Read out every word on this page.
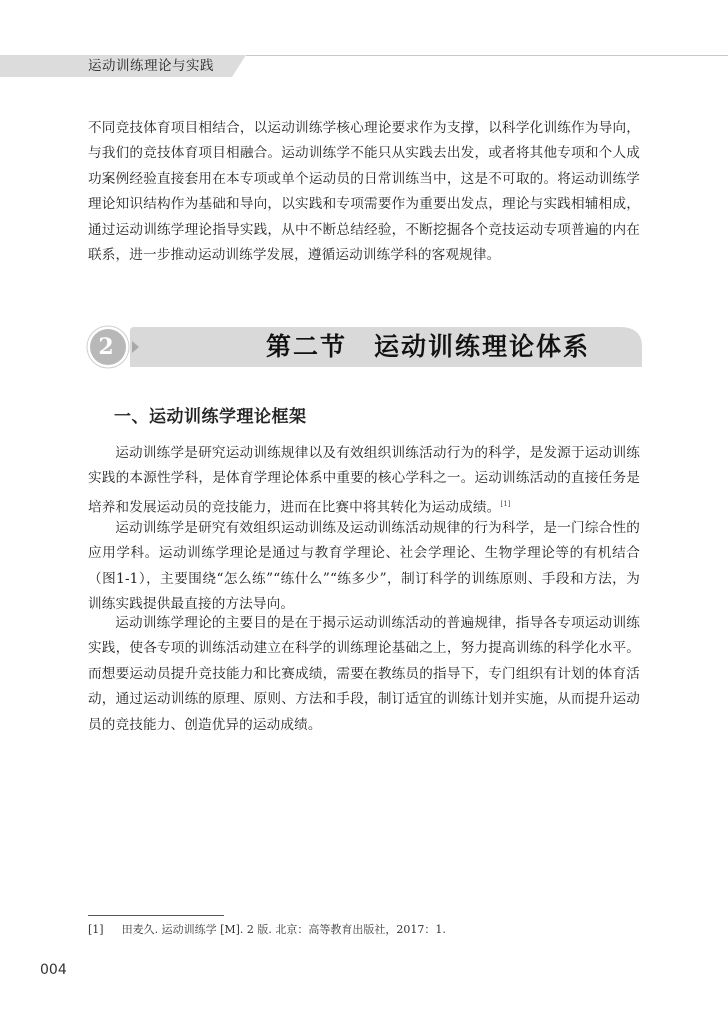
运动训练理论与实践
不同竞技体育项目相结合，以运动训练学核心理论要求作为支撑，以科学化训练作为导向，与我们的竞技体育项目相融合。运动训练学不能只从实践去出发，或者将其他专项和个人成功案例经验直接套用在本专项或单个运动员的日常训练当中，这是不可取的。将运动训练学理论知识结构作为基础和导向，以实践和专项需要作为重要出发点，理论与实践相辅相成，通过运动训练学理论指导实践，从中不断总结经验，不断挖掘各个竞技运动专项普遍的内在联系，进一步推动运动训练学发展，遵循运动训练学科的客观规律。
2	第二节　运动训练理论体系
一、运动训练学理论框架
运动训练学是研究运动训练规律以及有效组织训练活动行为的科学，是发源于运动训练实践的本源性学科，是体育学理论体系中重要的核心学科之一。运动训练活动的直接任务是培养和发展运动员的竞技能力，进而在比赛中将其转化为运动成绩。[1]
运动训练学是研究有效组织运动训练及运动训练活动规律的行为科学，是一门综合性的应用学科。运动训练学理论是通过与教育学理论、社会学理论、生物学理论等的有机结合（图1-1），主要围绕“怎么练”“练什么”“练多少”，制订科学的训练原则、手段和方法，为训练实践提供最直接的方法导向。
运动训练学理论的主要目的是在于揭示运动训练活动的普遍规律，指导各专项运动训练实践，使各专项的训练活动建立在科学的训练理论基础之上，努力提高训练的科学化水平。而想要运动员提升竞技能力和比赛成绩，需要在教练员的指导下，专门组织有计划的体育活动，通过运动训练的原理、原则、方法和手段，制订适宜的训练计划并实施，从而提升运动员的竞技能力、创造优异的运动成绩。
[1] 田麦久. 运动训练学 [M]. 2 版. 北京：高等教育出版社，2017：1.
004
